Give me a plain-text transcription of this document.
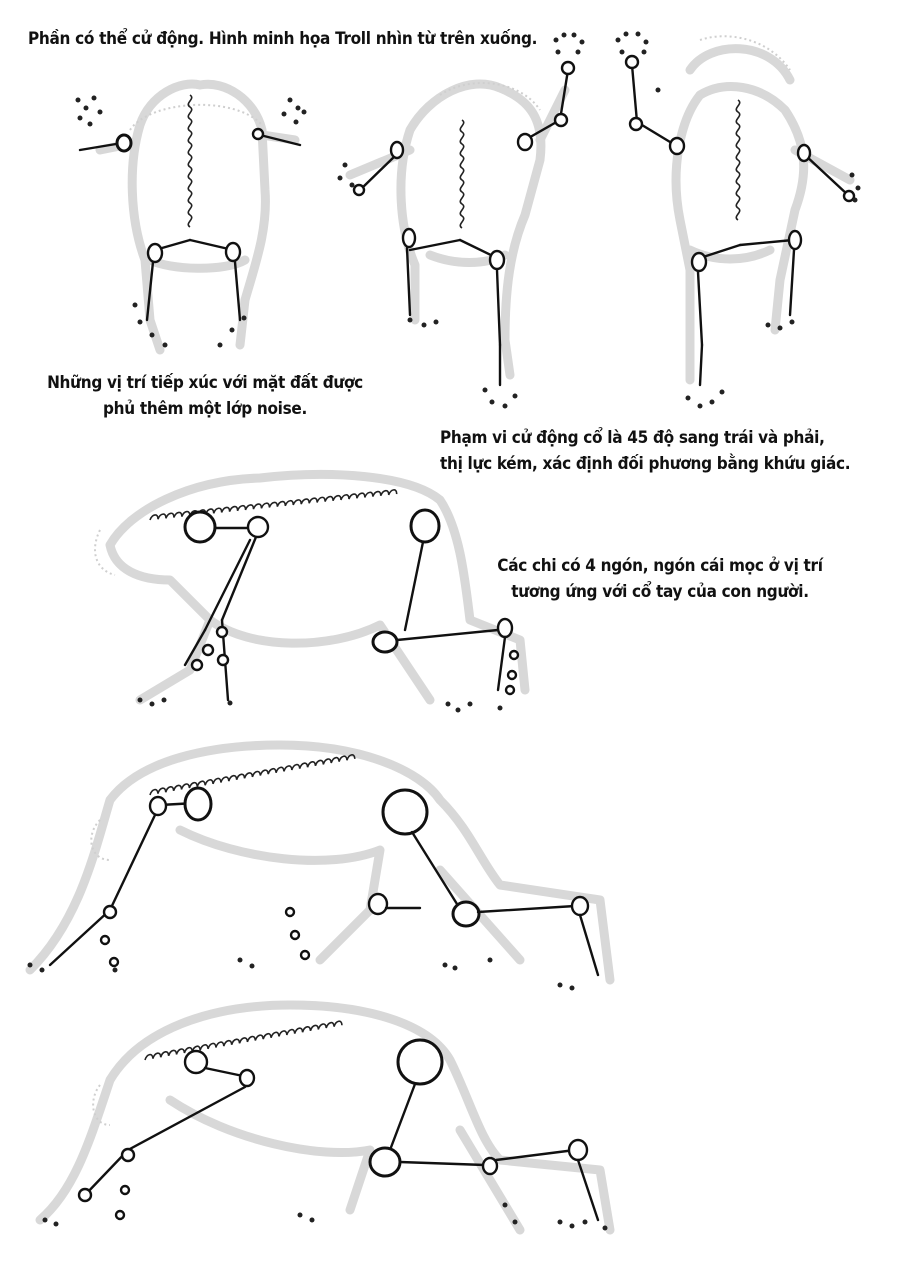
Phần có thể cử động. Hình minh họa Troll nhìn từ trên xuống.
Những vị trí tiếp xúc với mặt đất được
phủ thêm một lớp noise.
Phạm vi cử động cổ là 45 độ sang trái và phải,
thị lực kém, xác định đối phương bằng khứu giác.
Các chi có 4 ngón, ngón cái mọc ở vị trí
tương ứng với cổ tay của con người.
